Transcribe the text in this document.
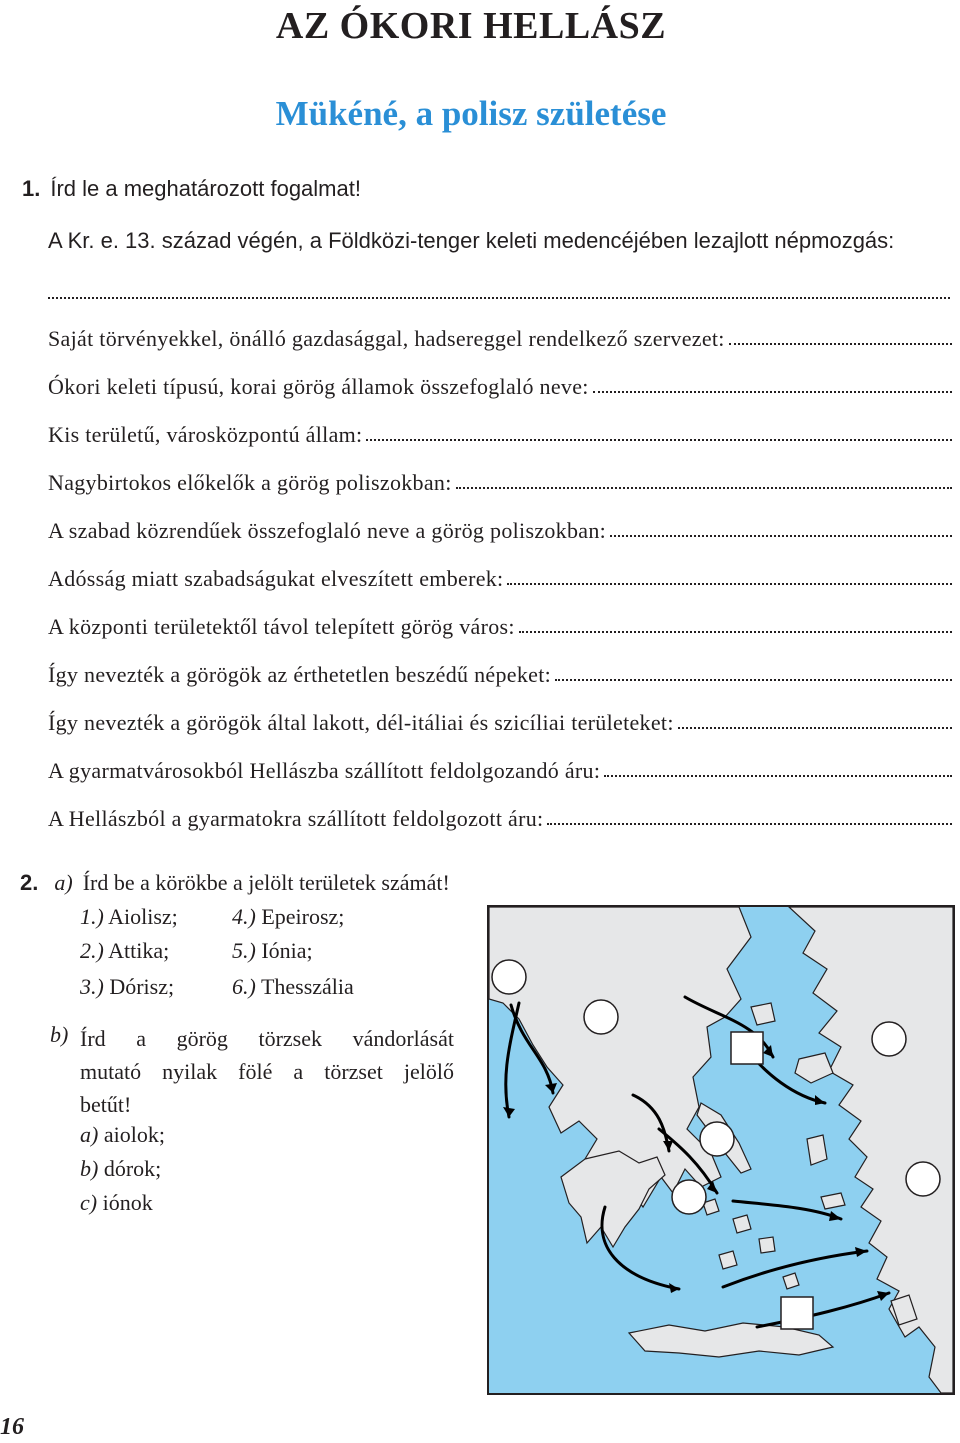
AZ ÓKORI HELLÁSZ
Mükéné, a polisz születése
1. Írd le a meghatározott fogalmat!
A Kr. e. 13. század végén, a Földközi-tenger keleti medencéjében lezajlott népmozgás:
Saját törvényekkel, önálló gazdasággal, hadsereggel rendelkező szervezet:
Ókori keleti típusú, korai görög államok összefoglaló neve:
Kis területű, városközpontú állam:
Nagybirtokos előkelők a görög poliszokban:
A szabad közrendűek összefoglaló neve a görög poliszokban:
Adósság miatt szabadságukat elveszített emberek:
A központi területektől távol telepített görög város:
Így nevezték a görögök az érthetetlen beszédű népeket:
Így nevezték a görögök által lakott, dél-itáliai és szicíliai területeket:
A gyarmatvárosokból Hellászba szállított feldolgozandó áru:
A Hellászból a gyarmatokra szállított feldolgozott áru:
2. a) Írd be a körökbe a jelölt területek számát!
1.) Aiolisz; 4.) Epeirosz;
2.) Attika;	5.) Iónia;
3.) Dórisz;	6.) Thesszália
b) Írd a görög törzsek vándorlását
mutató nyilak fölé a törzset jelölő
betűt!
a) aiolok;
b) dórok;
c) iónok
16
